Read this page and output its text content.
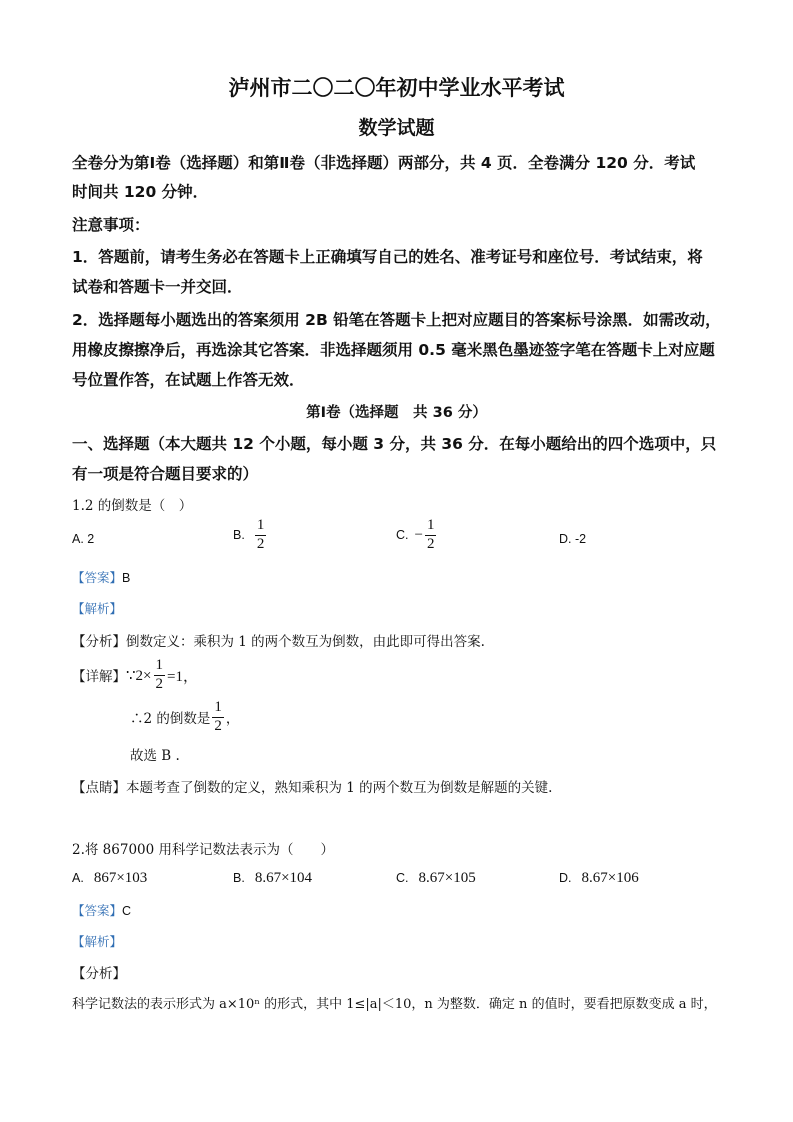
泸州市二〇二〇年初中学业水平考试
数学试题
全卷分为第Ⅰ卷（选择题）和第Ⅱ卷（非选择题）两部分，共 4 页．全卷满分 120 分．考试
时间共 120 分钟．
注意事项：
1．答题前，请考生务必在答题卡上正确填写自己的姓名、准考证号和座位号．考试结束，将
试卷和答题卡一并交回．
2．选择题每小题选出的答案须用 2B 铅笔在答题卡上把对应题目的答案标号涂黑．如需改动，
用橡皮擦擦净后，再选涂其它答案．非选择题须用 0.5 毫米黑色墨迹签字笔在答题卡上对应题
号位置作答，在试题上作答无效．
第Ⅰ卷（选择题　共 36 分）
一、选择题（本大题共 12 个小题，每小题 3 分，共 36 分．在每小题给出的四个选项中，只
有一项是符合题目要求的）
1.2 的倒数是（　）
A. 2	B. $\frac{1}{2}$	C. − $\frac{1}{2}$	D. -2
【答案】B
【解析】
【分析】倒数定义：乘积为 1 的两个数互为倒数，由此即可得出答案.
【详解】 ∵2× $\frac{1}{2} =1$，
∴2 的倒数是 $\frac{1}{2}$ ，
故选 B .
【点睛】本题考查了倒数的定义，熟知乘积为 1 的两个数互为倒数是解题的关键.
2.将 867000 用科学记数法表示为（　　）
A. 867×10 3	B. 8.67×10 4	C. 8.67×10 5	D. 8.67×10 6
【答案】C
【解析】
【分析】
科学记数法的表示形式为 a×10ⁿ 的形式，其中 1≤|a|＜10，n 为整数．确定 n 的值时，要看把原数变成 a 时，
